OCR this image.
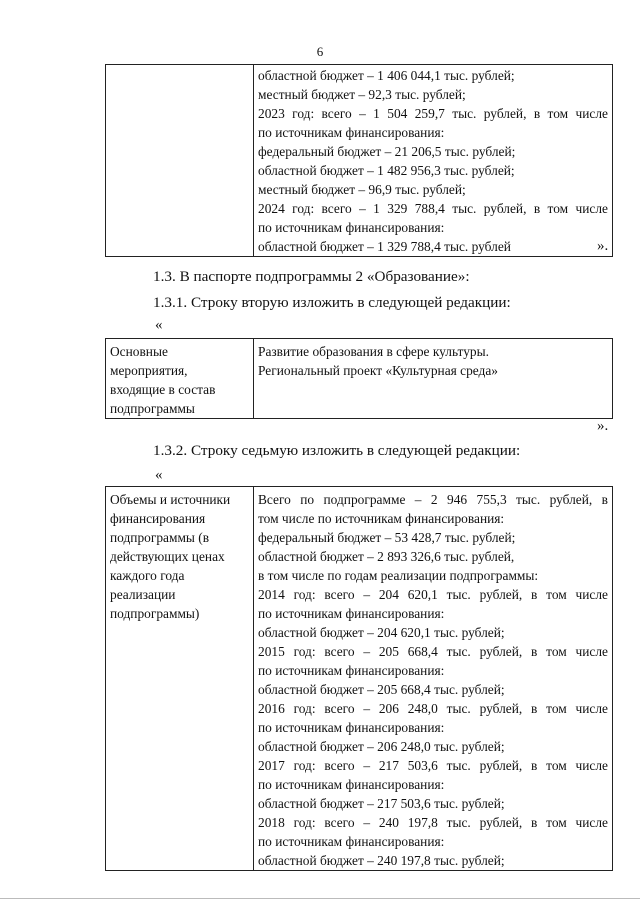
6

областной бюджет – 1 406 044,1 тыс. рублей;
местный бюджет – 92,3 тыс. рублей;
2023 год: всего – 1 504 259,7 тыс. рублей, в том числе
по источникам финансирования:
федеральный бюджет – 21 206,5 тыс. рублей;
областной бюджет – 1 482 956,3 тыс. рублей;
местный бюджет – 96,9 тыс. рублей;
2024 год: всего – 1 329 788,4 тыс. рублей, в том числе
по источникам финансирования:
областной бюджет – 1 329 788,4 тыс. рублей	».
1.3. В паспорте подпрограммы 2 «Образование»:
1.3.1. Строку вторую изложить в следующей редакции:
«
Основные
мероприятия,
входящие в состав
подпрограммы

Развитие образования в сфере культуры.
Региональный проект «Культурная среда»
».
1.3.2. Строку седьмую изложить в следующей редакции:
«
Объемы и источники
финансирования
подпрограммы (в
действующих ценах
каждого года
реализации
подпрограммы)

Всего по подпрограмме – 2 946 755,3 тыс. рублей, в
том числе по источникам финансирования:
федеральный бюджет – 53 428,7 тыс. рублей;
областной бюджет – 2 893 326,6 тыс. рублей,
в том числе по годам реализации подпрограммы:
2014 год: всего – 204 620,1 тыс. рублей, в том числе
по источникам финансирования:
областной бюджет – 204 620,1 тыс. рублей;
2015 год: всего – 205 668,4 тыс. рублей, в том числе
по источникам финансирования:
областной бюджет – 205 668,4 тыс. рублей;
2016 год: всего – 206 248,0 тыс. рублей, в том числе
по источникам финансирования:
областной бюджет – 206 248,0 тыс. рублей;
2017 год: всего – 217 503,6 тыс. рублей, в том числе
по источникам финансирования:
областной бюджет – 217 503,6 тыс. рублей;
2018 год: всего – 240 197,8 тыс. рублей, в том числе
по источникам финансирования:
областной бюджет – 240 197,8 тыс. рублей;
